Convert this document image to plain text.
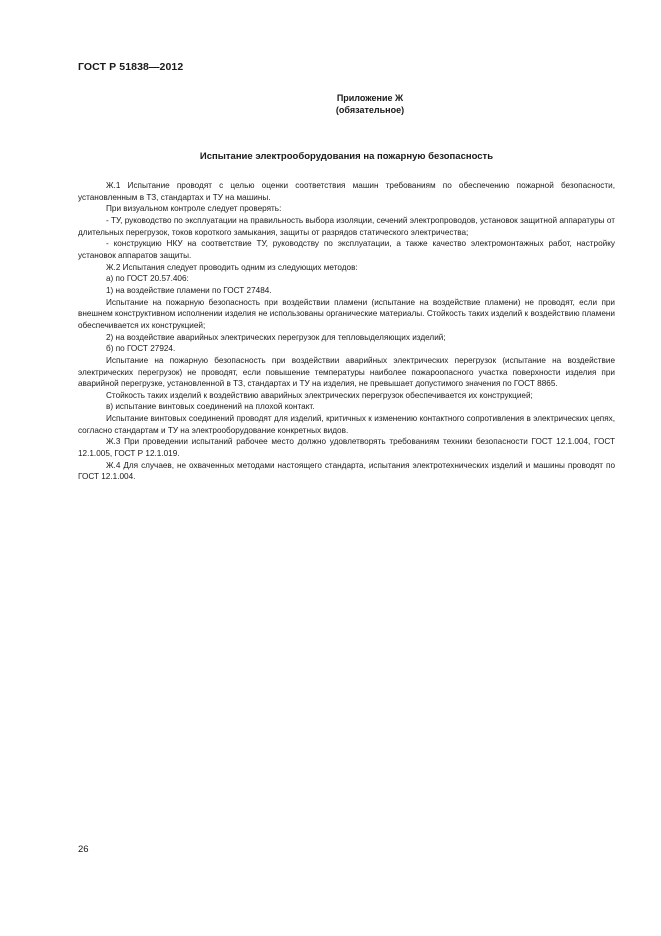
ГОСТ Р 51838—2012
Приложение Ж
(обязательное)
Испытание электрооборудования на пожарную безопасность

Ж.1 Испытание проводят с целью оценки соответствия машин требованиям по обеспечению пожарной безопасности, установленным в ТЗ, стандартах и ТУ на машины.

При визуальном контроле следует проверять:

- ТУ, руководство по эксплуатации на правильность выбора изоляции, сечений электропроводов, установок защитной аппаратуры от длительных перегрузок, токов короткого замыкания, защиты от разрядов статического электричества;

- конструкцию НКУ на соответствие ТУ, руководству по эксплуатации, а также качество электромонтажных работ, настройку установок аппаратов защиты.

Ж.2 Испытания следует проводить одним из следующих методов:

а) по ГОСТ 20.57.406:

1) на воздействие пламени по ГОСТ 27484.

Испытание на пожарную безопасность при воздействии пламени (испытание на воздействие пламени) не проводят, если при внешнем конструктивном исполнении изделия не использованы органические материалы. Стойкость таких изделий к воздействию пламени обеспечивается их конструкцией;

2) на воздействие аварийных электрических перегрузок для тепловыделяющих изделий;

б) по ГОСТ 27924.

Испытание на пожарную безопасность при воздействии аварийных электрических перегрузок (испытание на воздействие электрических перегрузок) не проводят, если повышение температуры наиболее пожароопасного участка поверхности изделия при аварийной перегрузке, установленной в ТЗ, стандартах и ТУ на изделия, не превышает допустимого значения по ГОСТ 8865.

Стойкость таких изделий к воздействию аварийных электрических перегрузок обеспечивается их конструкцией;

в) испытание винтовых соединений на плохой контакт.

Испытание винтовых соединений проводят для изделий, критичных к изменению контактного сопротивления в электрических цепях, согласно стандартам и ТУ на электрооборудование конкретных видов.

Ж.3 При проведении испытаний рабочее место должно удовлетворять требованиям техники безопасности ГОСТ 12.1.004, ГОСТ 12.1.005, ГОСТ Р 12.1.019.

Ж.4 Для случаев, не охваченных методами настоящего стандарта, испытания электротехнических изделий и машины проводят по ГОСТ 12.1.004.

26
